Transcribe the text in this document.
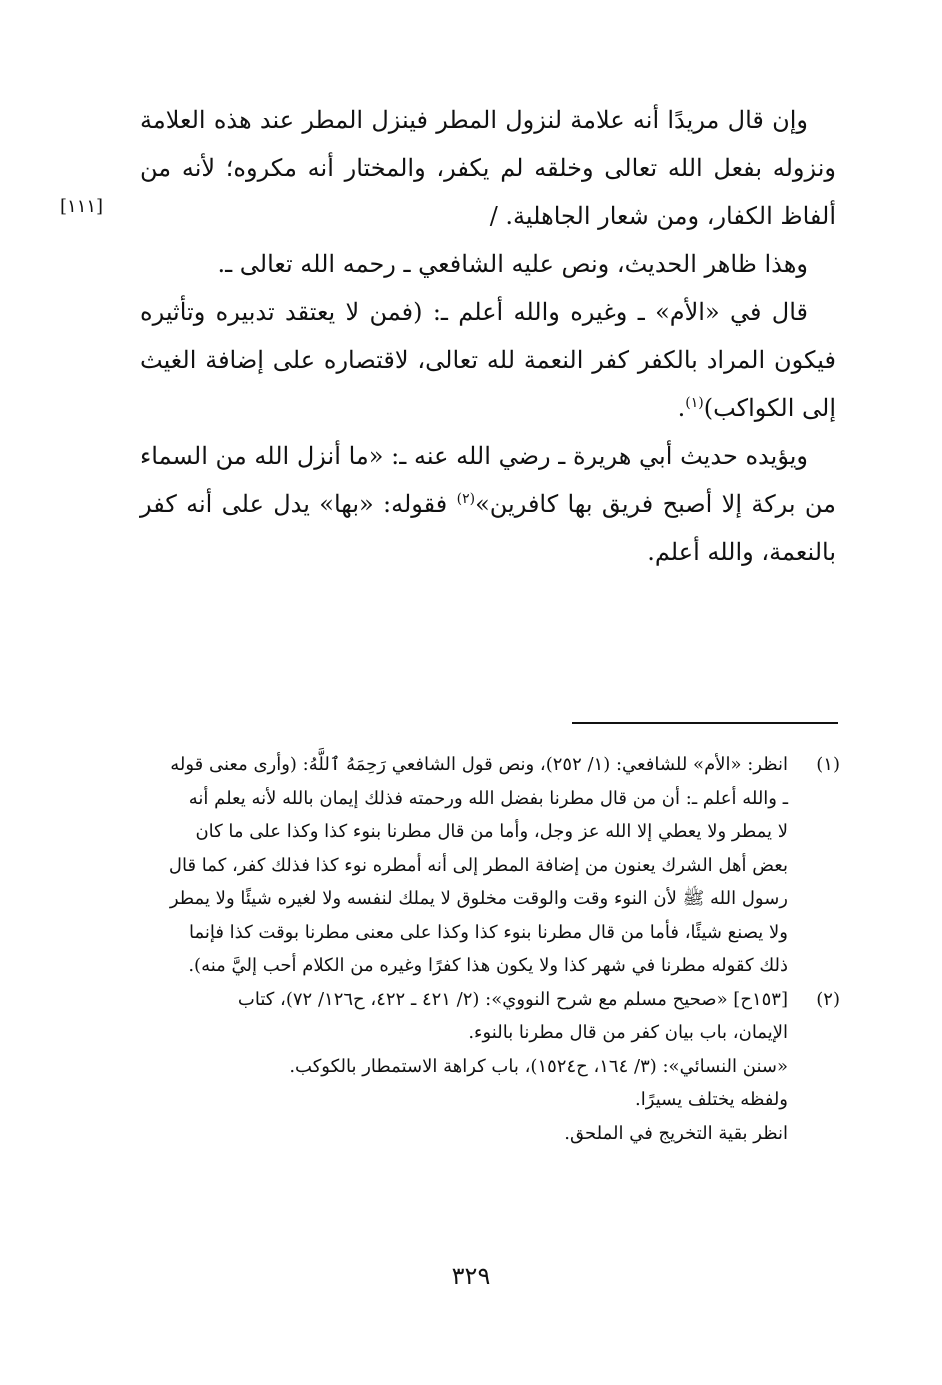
[١١١]

وإن قال مريدًا أنه علامة لنزول المطر فينزل المطر عند هذه العلامة ونزوله بفعل الله تعالى وخلقه لم يكفر، والمختار أنه مكروه؛ لأنه من ألفاظ الكفار، ومن شعار الجاهلية. /

وهذا ظاهر الحديث، ونص عليه الشافعي ـ رحمه الله تعالى ـ.

قال في «الأم» ـ وغيره والله أعلم ـ: (فمن لا يعتقد تدبيره وتأثيره فيكون المراد بالكفر كفر النعمة لله تعالى، لاقتصاره على إضافة الغيث إلى الكواكب)$^{(١)}$.

ويؤيده حديث أبي هريرة ـ رضي الله عنه ـ: «ما أنزل الله من السماء من بركة إلا أصبح فريق بها كافرين»$^{(٢)}$ فقوله: «بها» يدل على أنه كفر بالنعمة، والله أعلم.

(١)
انظر: «الأم» للشافعي: (١/ ٢٥٢)، ونص قول الشافعي رَحِمَهُ ٱللَّهُ: (وأرى معنى قوله
ـ والله أعلم ـ: أن من قال مطرنا بفضل الله ورحمته فذلك إيمان بالله لأنه يعلم أنه
لا يمطر ولا يعطي إلا الله عز وجل، وأما من قال مطرنا بنوء كذا وكذا على ما كان
بعض أهل الشرك يعنون من إضافة المطر إلى أنه أمطره نوء كذا فذلك كفر، كما قال
رسول الله ﷺ لأن النوء وقت والوقت مخلوق لا يملك لنفسه ولا لغيره شيئًا ولا يمطر
ولا يصنع شيئًا، فأما من قال مطرنا بنوء كذا وكذا على معنى مطرنا بوقت كذا فإنما
ذلك كقوله مطرنا في شهر كذا ولا يكون هذا كفرًا وغيره من الكلام أحب إليَّ منه).
(٢)
[١٥٣ح] «صحيح مسلم مع شرح النووي»: (٢/ ٤٢١ ـ ٤٢٢، ح١٢٦/ ٧٢)، كتاب
الإيمان، باب بيان كفر من قال مطرنا بالنوء.
«سنن النسائي»: (٣/ ١٦٤، ح١٥٢٤)، باب كراهة الاستمطار بالكوكب.
ولفظه يختلف يسيرًا.
انظر بقية التخريج في الملحق.
٣٢٩
